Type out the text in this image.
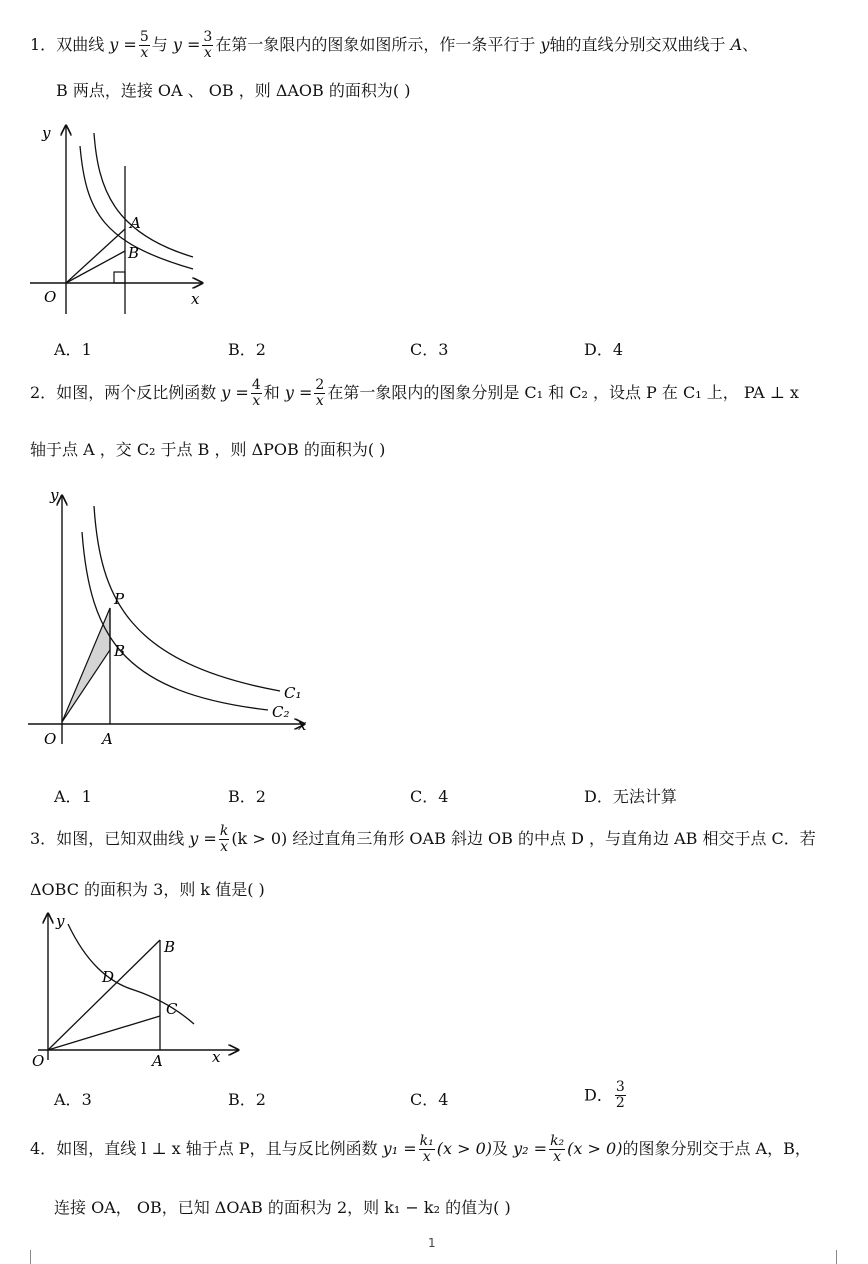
1．双曲线 $y = \frac{5}{x}$ 与 $y = \frac{3}{x}$ 在第一象限内的图象如图所示，作一条平行于 y轴的直线分别交双曲线于 A、
B 两点，连接 OA 、 OB ，则 ΔAOB 的面积为( )
y
x
O
A
B
A．1	B．2	C．3	D．4
2．如图，两个反比例函数 $y = \frac{4}{x}$ 和 $y = \frac{2}{x}$ 在第一象限内的图象分别是 C₁ 和 C₂ ，设点 P 在 C₁ 上， PA ⊥ x
轴于点 A ，交 C₂ 于点 B ，则 ΔPOB 的面积为( )
y
x
O	A
B
P
C₁
C₂
A．1	B．2	C．4	D．无法计算
3．如图，已知双曲线 $y = \frac{k}{x} (k > 0)$ 经过直角三角形 OAB 斜边 OB 的中点 D ，与直角边 AB 相交于点 C．若
ΔOBC 的面积为 3，则 k 值是( )
y
x
O	A
B
C
D
A．3	B．2	C．4	D． $\frac{3}{2}$
4．如图，直线 l ⊥ x 轴于点 P，且与反比例函数 $y_1 = \frac{\text{k₁}}{x} (x > 0)$及 $y_2 = \frac{\text{k₂}}{x} (x > 0)$的图象分别交于点 A，B，
连接 OA， OB，已知 ΔOAB 的面积为 2，则 k₁ − k₂ 的值为( )
1
